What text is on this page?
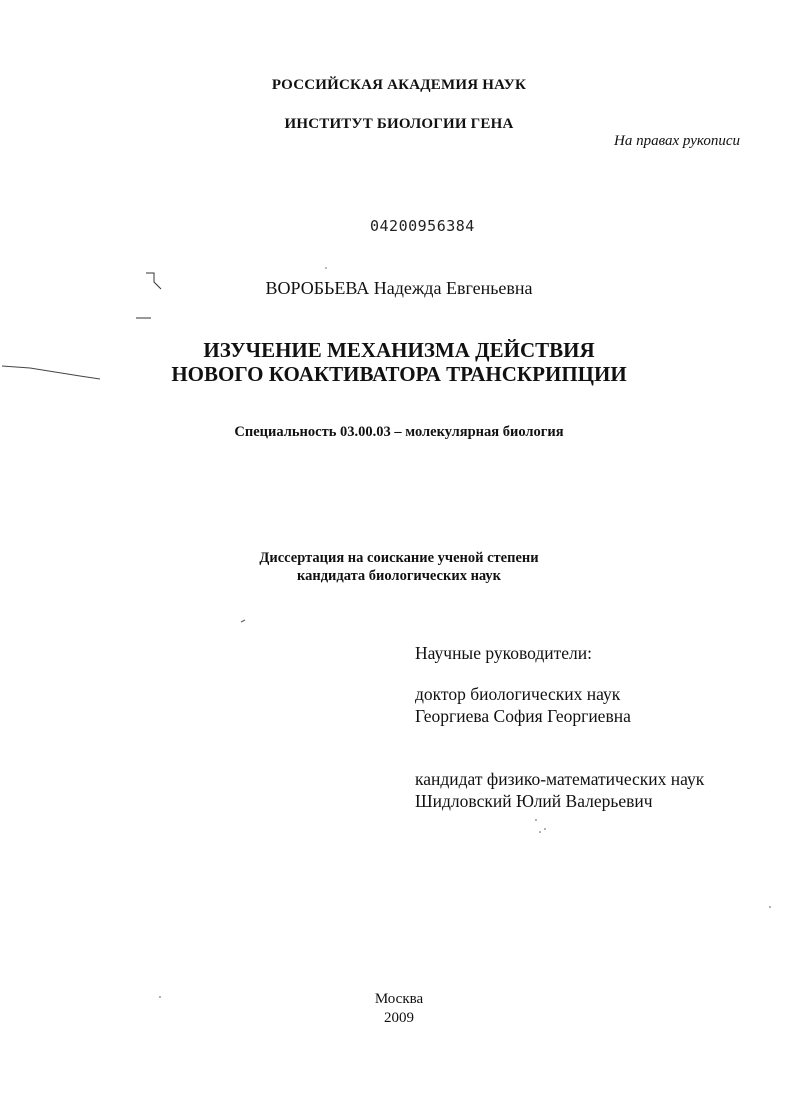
РОССИЙСКАЯ АКАДЕМИЯ НАУК
ИНСТИТУТ БИОЛОГИИ ГЕНА
На правах рукописи
04200956384
ВОРОБЬЕВА Надежда Евгеньевна
ИЗУЧЕНИЕ МЕХАНИЗМА ДЕЙСТВИЯ
НОВОГО КОАКТИВАТОРА ТРАНСКРИПЦИИ
Специальность 03.00.03 – молекулярная биология
Диссертация на соискание ученой степени
кандидата биологических наук
Научные руководители:
доктор биологических наук
Георгиева София Георгиевна
кандидат физико-математических наук
Шидловский Юлий Валерьевич
Москва
2009
